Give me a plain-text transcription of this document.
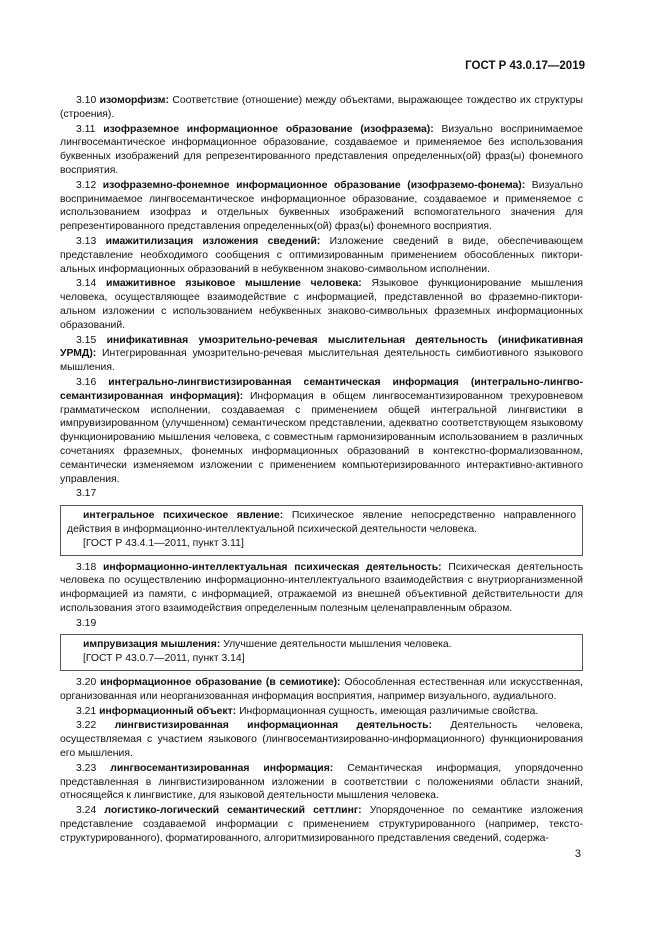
ГОСТ Р 43.0.17—2019

3.10 изоморфизм: Соответствие (отношение) между объектами, выражающее тождество их структуры (строения).

3.11 изофраземное информационное образование (изофразема): Визуально воспринимаемое лингвосемантическое информационное образование, создаваемое и применяемое без использования буквенных изображений для репрезентированного представления определенных(ой) фраз(ы) фонемного восприятия.

3.12 изофраземно-фонемное информационное образование (изофраземо-фонема): Визуально воспринимаемое лингвосемантическое информационное образование, создаваемое и применяемое с использованием изофраз и отдельных буквенных изображений вспомогательного значения для репрезентированного представления определенных(ой) фраз(ы) фонемного восприятия.

3.13 имажитилизация изложения сведений: Изложение сведений в виде, обеспечивающем представление необходимого сообщения с оптимизированным применением обособленных пикториальных информационных образований в небуквенном знаково-символьном исполнении.

3.14 имажитивное языковое мышление человека: Языковое функционирование мышления человека, осуществляющее взаимодействие с информацией, представленной во фраземно-пикториальном изложении с использованием небуквенных знаково-символьных фраземных информационных образований.

3.15 инификативная умозрительно-речевая мыслительная деятельность (инификативная УРМД): Интегрированная умозрительно-речевая мыслительная деятельность симбиотивного языкового мышления.

3.16 интегрально-лингвистизированная семантическая информация (интегрально-лингвосемантизированная информация): Информация в общем лингвосемантизированном трехуровневом грамматическом исполнении, создаваемая с применением общей интегральной лингвистики в импрувизированном (улучшенном) семантическом представлении, адекватно соответствующем языковому функционированию мышления человека, с совместным гармонизированным использованием в различных сочетаниях фраземных, фонемных информационных образований в контекстно-формализованном, семантически изменяемом изложении с применением компьютеризированного интерактивно-активного управления.

3.17

интегральное психическое явление: Психическое явление непосредственно направленного действия в информационно-интеллектуальной психической деятельности человека.

[ГОСТ Р 43.4.1—2011, пункт 3.11]

3.18 информационно-интеллектуальная психическая деятельность: Психическая деятельность человека по осуществлению информационно-интеллектуального взаимодействия с внутриорганизменной информацией из памяти, с информацией, отражаемой из внешней объективной действительности для использования этого взаимодействия определенным полезным целенаправленным образом.

3.19

импрувизация мышления: Улучшение деятельности мышления человека.

[ГОСТ Р 43.0.7—2011, пункт 3.14]

3.20 информационное образование (в семиотике): Обособленная естественная или искусственная, организованная или неорганизованная информация восприятия, например визуального, аудиального.

3.21 информационный объект: Информационная сущность, имеющая различимые свойства.

3.22 лингвистизированная информационная деятельность: Деятельность человека, осуществляемая с участием языкового (лингвосемантизированно-информационного) функционирования его мышления.

3.23 лингвосемантизированная информация: Семантическая информация, упорядоченно представленная в лингвистизированном изложении в соответствии с положениями области знаний, относящейся к лингвистике, для языковой деятельности мышления человека.

3.24 логистико-логический семантический сеттлинг: Упорядоченное по семантике изложения представление создаваемой информации с применением структурированного (например, текстоструктурированного), форматированного, алгоритмизированного представления сведений, содержа-

3
